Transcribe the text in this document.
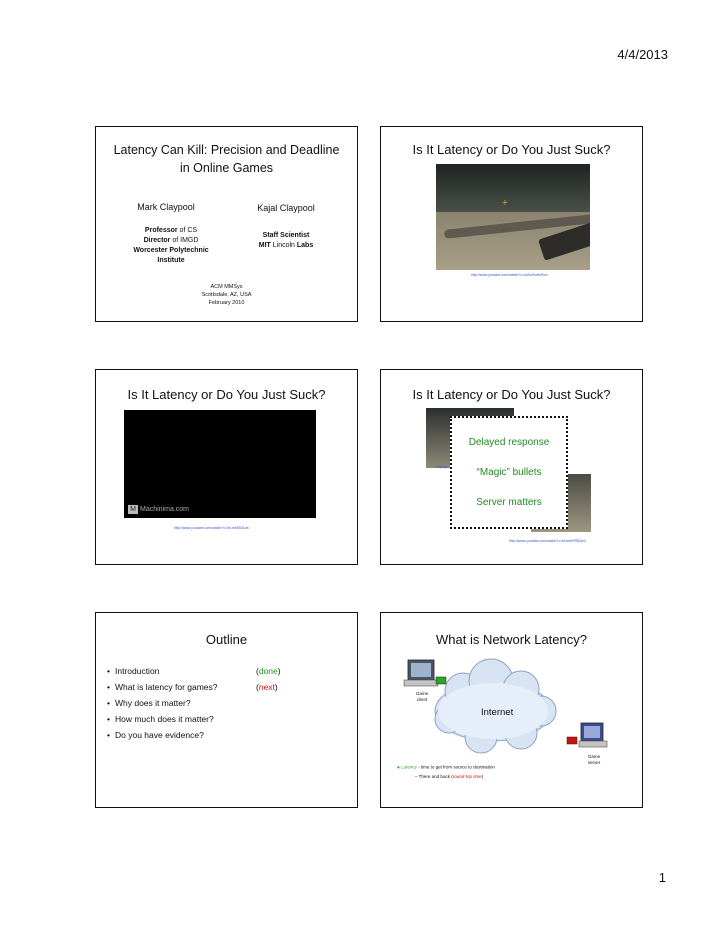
4/4/2013
Latency Can Kill: Precision and Deadline in Online Games
Mark Claypool	Kajal Claypool
Professor of CS
Director of IMGD
Worcester Polytechnic
Institute
Staff Scientist
MIT Lincoln Labs
ACM MMSys
Scottsdale, AZ, USA
February 2010
Is It Latency or Do You Just Suck?
+
http://www.youtube.com/watch?v=AdNo9uHoRdo
Is It Latency or Do You Just Suck?
M Machinima.com
http://www.youtube.com/watch?v=0e-mMSfZuzk
Is It Latency or Do You Just Suck?
http://yo
Delayed response
“Magic” bullets
Server matters
http://www.youtube.com/watch?v=bUcnbRR8Qe4
Outline
• Introduction
• What is latency for games?
• Why does it matter?
• How much does it matter?
• Do you have evidence?
(done)
(next)
What is Network Latency?
Game
client
Internet
Game
server
• Latency - time to get from source to destination
– There and back (round-trip time)
1
